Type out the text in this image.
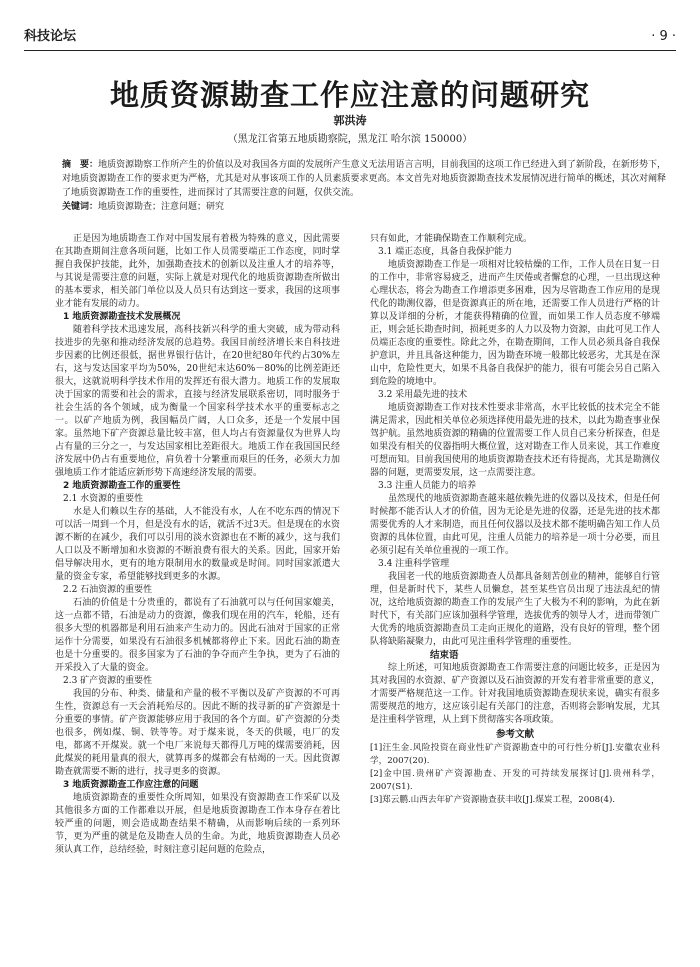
科技论坛	· 9 ·
地质资源勘查工作应注意的问题研究
郭洪涛
（黑龙江省第五地质勘察院，黑龙江 哈尔滨 150000）
摘　要：地质资源勘察工作所产生的价值以及对我国各方面的发展所产生意义无法用语言言明，目前我国的这项工作已经进入到了新阶段，在新形势下，对地质资源勘查工作的要求更为严格，尤其是对从事该项工作的人员素质要求更高。本文首先对地质资源勘查技术发展情况进行简单的概述，其次对阐释了地质资源勘查工作的重要性，进而探讨了其需要注意的问题，仅供交流。
关键词：地质资源勘查；注意问题；研究

正是因为地质勘查工作对中国发展有着极为特殊的意义，因此需要在其勘查期间注意各项问题，比如工作人员需要端正工作态度，同时掌握自我保护技能，此外，加强勘查技术的创新以及注重人才的培养等，与其说是需要注意的问题，实际上就是对现代化的地质资源勘查所做出的基本要求，相关部门单位以及人员只有达到这一要求，我国的这项事业才能有发展的动力。

1 地质资源勘查技术发展概况

随着科学技术迅速发展，高科技新兴科学的重大突破，成为带动科技进步的先驱和推动经济发展的总趋势。我国目前经济增长来自科技进步因素的比例还很低，据世界银行估计，在20世纪80年代约占30%左右，这与发达国家平均为50%，20世纪末达60%－80%的比例差距还很大，这就说明科学技术作用的发挥还有很大潜力。地质工作的发展取决于国家的需要和社会的需求，直接与经济发展联系密切，同时服务于社会生活的各个领域，成为衡量一个国家科学技术水平的重要标志之一。以矿产地质为例，我国幅员广阔，人口众多，还是一个发展中国家。虽然地下矿产资源总量比较丰富，但人均占有资源量仅为世界人均占有量的三分之一，与发达国家相比差距很大。地质工作在我国国民经济发展中仍占有重要地位，肩负着十分繁重而艰巨的任务，必须大力加强地质工作才能适应新形势下高速经济发展的需要。

2 地质资源勘查工作的重要性

2.1 水资源的重要性

水是人们赖以生存的基础，人不能没有水，人在不吃东西的情况下可以活一周到一个月，但是没有水的话，就活不过3天。但是现在的水资源不断的在减少，我们可以引用的淡水资源也在不断的减少，这与我们人口以及不断增加和水资源的不断浪费有很大的关系。因此，国家开始倡导解决用水，更有的地方限制用水的数量或是时间。同时国家派遣大量的资金专家，希望能够找到更多的水源。

2.2 石油资源的重要性

石油的价值是十分贵重的，都说有了石油就可以与任何国家媲美，这一点都不错，石油是动力的资源，像我们现在用的汽车，轮船，还有很多大型的机器都是利用石油来产生动力的。因此石油对于国家的正常运作十分需要，如果没有石油很多机械都将停止下来。因此石油的勘查也是十分重要的。很多国家为了石油的争夺而产生争执，更为了石油的开采投入了大量的资金。

2.3 矿产资源的重要性

我国的分布、种类、储量和产量的极不平衡以及矿产资源的不可再生性，资源总有一天会消耗殆尽的。因此不断的找寻新的矿产资源是十分重要的事情。矿产资源能够应用于我国的各个方面。矿产资源的分类也很多，例如煤、铜、铁等等。对于煤来说，冬天的供暖，电厂的发电，都离不开煤炭。就一个电厂来说每天都得几万吨的煤需要消耗，因此煤炭的耗用量真的很大，就算再多的煤都会有枯竭的一天。因此资源勘查就需要不断的进行，找寻更多的资源。

3 地质资源勘查工作应注意的问题

地质资源勘查的重要性众所周知，如果没有资源勘查工作采矿以及其他很多方面的工作都难以开展，但是地质资源勘查工作本身存在着比较严重的问题，则会造成勘查结果不精确，从而影响后续的一系列环节，更为严重的就是危及勘查人员的生命。为此，地质资源勘查人员必须认真工作，总结经验，时刻注意引起问题的危险点，

只有如此，才能确保勘查工作顺利完成。

3.1 端正态度，具备自我保护能力

地质资源勘查工作是一项相对比较枯燥的工作，工作人员在日复一日的工作中，非常容易疲乏，进而产生厌倦或者懈怠的心理，一旦出现这种心理状态，将会为勘查工作增添更多困难，因为尽管勘查工作应用的是现代化的勘测仪器，但是资源真正的所在地，还需要工作人员进行严格的计算以及详细的分析，才能获得精确的位置，而如果工作人员态度不够端正，则会延长勘查时间，损耗更多的人力以及物力资源，由此可见工作人员端正态度的重要性。除此之外，在勘查期间，工作人员必须具备自我保护意识，并且具备这种能力，因为勘查环境一般都比较恶劣，尤其是在深山中，危险性更大，如果不具备自我保护的能力，很有可能会另自己陷入到危险的境地中。

3.2 采用最先进的技术

地质资源勘查工作对技术性要求非常高，水平比较低的技术完全不能满足需求，因此相关单位必须选择使用最先进的技术，以此为勘查事业保驾护航。虽然地质资源的精确的位置需要工作人员自己来分析探查，但是如果没有相关的仪器指明大概位置，这对勘查工作人员来说，其工作难度可想而知。目前我国使用的地质资源勘查技术还有待提高，尤其是勘测仪器的问题，更需要发展，这一点需要注意。

3.3 注重人员能力的培养

虽然现代的地质资源勘查越来越依赖先进的仪器以及技术，但是任何时候都不能否认人才的价值，因为无论是先进的仪器，还是先进的技术都需要优秀的人才来制造，而且任何仪器以及技术都不能明确告知工作人员资源的具体位置，由此可见，注重人员能力的培养是一项十分必要，而且必须引起有关单位重视的一项工作。

3.4 注重科学管理

我国老一代的地质资源勘查人员都具备刻苦创业的精神，能够自行管理，但是新时代下，某些人员懒怠，甚至某些官员出现了违法乱纪的情况，这给地质资源的勘查工作的发展产生了大极为不利的影响，为此在新时代下，有关部门应该加强科学管理，选拔优秀的领导人才，进而带领广大优秀的地质资源勘查员工走向正规化的道路，没有良好的管理，整个团队将缺陷凝聚力，由此可见注重科学管理的重要性。

结束语

综上所述，可知地质资源勘查工作需要注意的问题比较多，正是因为其对我国的水资源、矿产资源以及石油资源的开发有着非常重要的意义，才需要严格规范这一工作。针对我国地质资源勘查现状来说，确实有很多需要规范的地方，这应该引起有关部门的注意，否则将会影响发展，尤其是注重科学管理，从上到下贯彻落实各项政策。

参考文献

[1]汪生金.风险投资在商业性矿产资源勘查中的可行性分析[J].安徽农业科学，2007(20).

[2]金中国.贵州矿产资源勘查、开发的可持续发展探讨[J].贵州科学，2007(S1).

[3]郑云鹏.山西去年矿产资源勘查获丰收[J].煤炭工程，2008(4).
